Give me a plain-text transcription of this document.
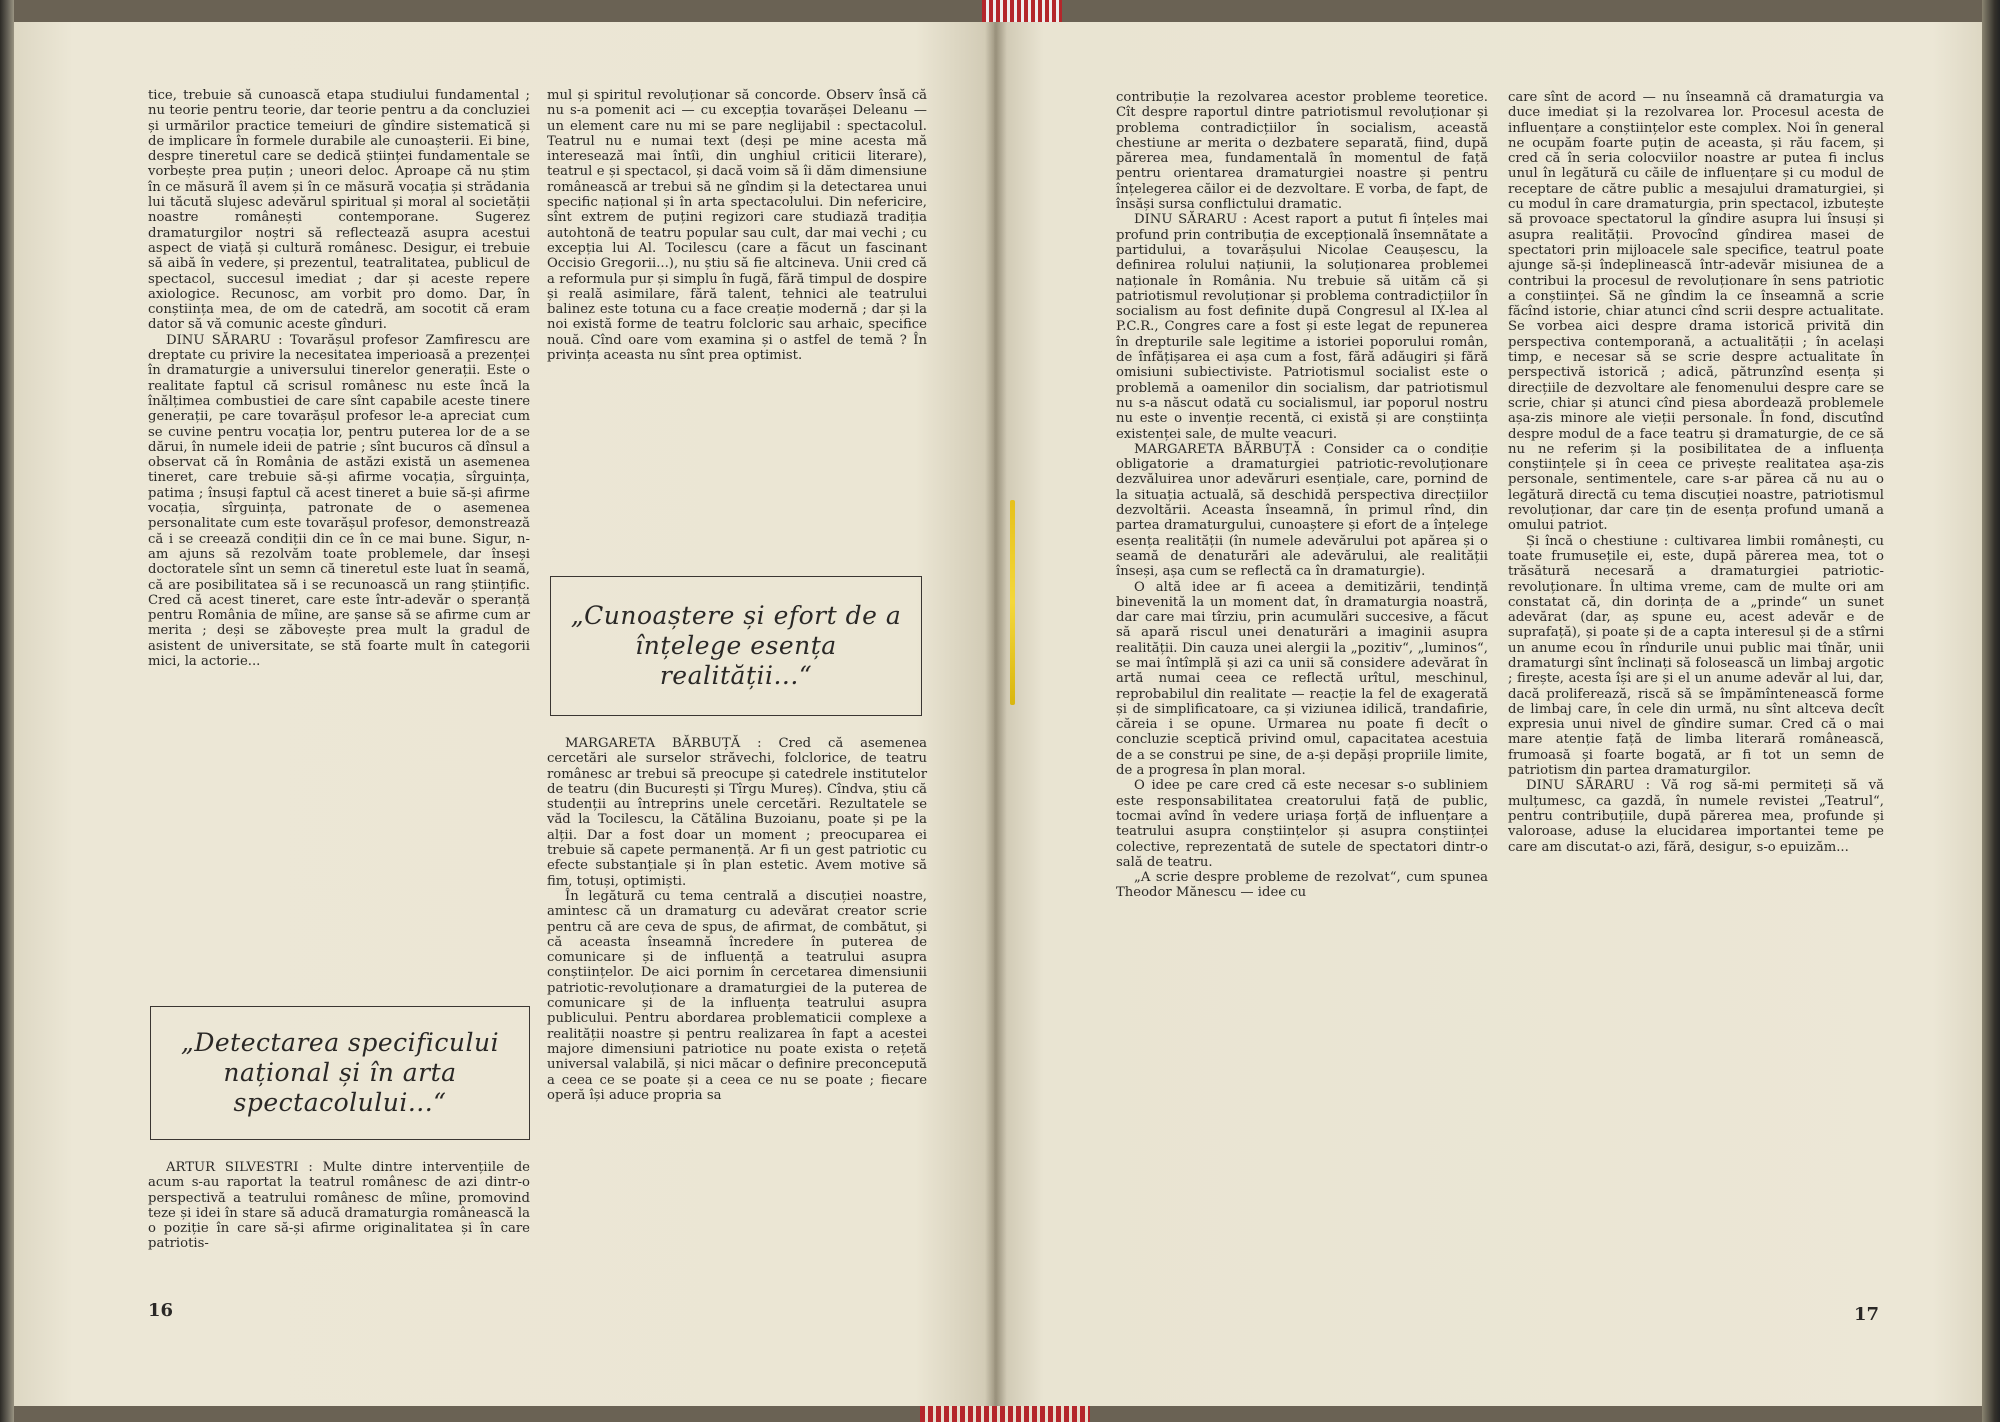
tice, trebuie să cunoască etapa studiului fundamental ; nu teorie pentru teorie, dar teorie pentru a da concluziei și urmărilor practice temeiuri de gîndire sistematică și de implicare în formele durabile ale cunoașterii. Ei bine, despre tineretul care se dedică științei fundamentale se vorbește prea puțin ; uneori deloc. Aproape că nu știm în ce măsură îl avem și în ce măsură vocația și strădania lui tăcută slujesc adevărul spiritual și moral al societății noastre românești contemporane. Sugerez dramaturgilor noștri să reflectează asupra acestui aspect de viață și cultură românesc. Desigur, ei trebuie să aibă în vedere, și prezentul, teatralitatea, publicul de spectacol, succesul imediat ; dar și aceste repere axiologice. Recunosc, am vorbit pro domo. Dar, în conștiința mea, de om de catedră, am socotit că eram dator să vă comunic aceste gînduri.

DINU SĂRARU : Tovarășul profesor Zamfirescu are dreptate cu privire la necesitatea imperioasă a prezenței în dramaturgie a universului tinerelor generații. Este o realitate faptul că scrisul românesc nu este încă la înălțimea combustiei de care sînt capabile aceste tinere generații, pe care tovarășul profesor le-a apreciat cum se cuvine pentru vocația lor, pentru puterea lor de a se dărui, în numele ideii de patrie ; sînt bucuros că dînsul a observat că în România de astăzi există un asemenea tineret, care trebuie să-și afirme vocația, sîrguința, patima ; însuși faptul că acest tineret a buie să-și afirme vocația, sîrguința, patronate de o asemenea personalitate cum este tovarășul profesor, demonstrează că i se creează condiții din ce în ce mai bune. Sigur, n-am ajuns să rezolvăm toate problemele, dar înseși doctoratele sînt un semn că tineretul este luat în seamă, că are posibilitatea să i se recunoască un rang științific. Cred că acest tineret, care este într-adevăr o speranță pentru România de mîine, are șanse să se afirme cum ar merita ; deși se zăbovește prea mult la gradul de asistent de universitate, se stă foarte mult în categorii mici, la actorie...

„Detectarea specificului național și în arta spectacolului...“

ARTUR SILVESTRI : Multe dintre intervențiile de acum s-au raportat la teatrul românesc de azi dintr-o perspectivă a teatrului românesc de mîine, promovind teze și idei în stare să aducă dramaturgia românească la o poziție în care să-și afirme originalitatea și în care patriotis-

mul și spiritul revoluționar să concorde. Observ însă că nu s-a pomenit aci — cu excepția tovarășei Deleanu — un element care nu mi se pare neglijabil : spectacolul. Teatrul nu e numai text (deși pe mine acesta mă interesează mai întîi, din unghiul criticii literare), teatrul e și spectacol, și dacă voim să îi dăm dimensiune românească ar trebui să ne gîndim și la detectarea unui specific național și în arta spectacolului. Din nefericire, sînt extrem de puțini regizori care studiază tradiția autohtonă de teatru popular sau cult, dar mai vechi ; cu excepția lui Al. Tocilescu (care a făcut un fascinant Occisio Gregorii...), nu știu să fie altcineva. Unii cred că a reformula pur și simplu în fugă, fără timpul de dospire și reală asimilare, fără talent, tehnici ale teatrului balinez este totuna cu a face creație modernă ; dar și la noi există forme de teatru folcloric sau arhaic, specifice nouă. Cînd oare vom examina și o astfel de temă ? În privința aceasta nu sînt prea optimist.

„Cunoaștere și efort de a înțelege esența realității...“

MARGARETA BĂRBUȚĂ : Cred că asemenea cercetări ale surselor străvechi, folclorice, de teatru românesc ar trebui să preocupe și catedrele institutelor de teatru (din București și Tîrgu Mureș). Cîndva, știu că studenții au întreprins unele cercetări. Rezultatele se văd la Tocilescu, la Cătălina Buzoianu, poate și pe la alții. Dar a fost doar un moment ; preocuparea ei trebuie să capete permanență. Ar fi un gest patriotic cu efecte substanțiale și în plan estetic. Avem motive să fim, totuși, optimiști.

În legătură cu tema centrală a discuției noastre, amintesc că un dramaturg cu adevărat creator scrie pentru că are ceva de spus, de afirmat, de combătut, și că aceasta înseamnă încredere în puterea de comunicare și de influență a teatrului asupra conștiințelor. De aici pornim în cercetarea dimensiunii patriotic-revoluționare a dramaturgiei de la puterea de comunicare și de la influența teatrului asupra publicului. Pentru abordarea problematicii complexe a realității noastre și pentru realizarea în fapt a acestei majore dimensiuni patriotice nu poate exista o rețetă universal valabilă, și nici măcar o definire preconcepută a ceea ce se poate și a ceea ce nu se poate ; fiecare operă își aduce propria sa

16

contribuție la rezolvarea acestor probleme teoretice. Cît despre raportul dintre patriotismul revoluționar și problema contradicțiilor în socialism, această chestiune ar merita o dezbatere separată, fiind, după părerea mea, fundamentală în momentul de față pentru orientarea dramaturgiei noastre și pentru înțelegerea căilor ei de dezvoltare. E vorba, de fapt, de însăși sursa conflictului dramatic.

DINU SĂRARU : Acest raport a putut fi înțeles mai profund prin contribuția de excepțională însemnătate a partidului, a tovarășului Nicolae Ceaușescu, la definirea rolului națiunii, la soluționarea problemei naționale în România. Nu trebuie să uităm că și patriotismul revoluționar și problema contradicțiilor în socialism au fost definite după Congresul al IX-lea al P.C.R., Congres care a fost și este legat de repunerea în drepturile sale legitime a istoriei poporului român, de înfățișarea ei așa cum a fost, fără adăugiri și fără omisiuni subiectiviste. Patriotismul socialist este o problemă a oamenilor din socialism, dar patriotismul nu s-a născut odată cu socialismul, iar poporul nostru nu este o invenție recentă, ci există și are conștiința existenței sale, de multe veacuri.

MARGARETA BĂRBUȚĂ : Consider ca o condiție obligatorie a dramaturgiei patriotic-revoluționare dezvăluirea unor adevăruri esențiale, care, pornind de la situația actuală, să deschidă perspectiva direcțiilor dezvoltării. Aceasta înseamnă, în primul rînd, din partea dramaturgului, cunoaștere și efort de a înțelege esența realității (în numele adevărului pot apărea și o seamă de denaturări ale adevărului, ale realității înseși, așa cum se reflectă ca în dramaturgie).

O altă idee ar fi aceea a demitizării, tendință binevenită la un moment dat, în dramaturgia noastră, dar care mai tîrziu, prin acumulări succesive, a făcut să apară riscul unei denaturări a imaginii asupra realității. Din cauza unei alergii la „pozitiv“, „luminos“, se mai întîmplă și azi ca unii să considere adevărat în artă numai ceea ce reflectă urîtul, meschinul, reprobabilul din realitate — reacție la fel de exagerată și de simplificatoare, ca și viziunea idilică, trandafirie, căreia i se opune. Urmarea nu poate fi decît o concluzie sceptică privind omul, capacitatea acestuia de a se construi pe sine, de a-și depăși propriile limite, de a progresa în plan moral.

O idee pe care cred că este necesar s-o subliniem este responsabilitatea creatorului față de public, tocmai avînd în vedere uriașa forță de influențare a teatrului asupra conștiințelor și asupra conștiinței colective, reprezentată de sutele de spectatori dintr-o sală de teatru.

„A scrie despre probleme de rezolvat“, cum spunea Theodor Mănescu — idee cu

care sînt de acord — nu înseamnă că dramaturgia va duce imediat și la rezolvarea lor. Procesul acesta de influențare a conștiințelor este complex. Noi în general ne ocupăm foarte puțin de aceasta, și rău facem, și cred că în seria colocviilor noastre ar putea fi inclus unul în legătură cu căile de influențare și cu modul de receptare de către public a mesajului dramaturgiei, și cu modul în care dramaturgia, prin spectacol, izbutește să provoace spectatorul la gîndire asupra lui însuși și asupra realității. Provocînd gîndirea masei de spectatori prin mijloacele sale specifice, teatrul poate ajunge să-și îndeplinească într-adevăr misiunea de a contribui la procesul de revoluționare în sens patriotic a conștiinței. Să ne gîndim la ce înseamnă a scrie făcînd istorie, chiar atunci cînd scrii despre actualitate. Se vorbea aici despre drama istorică privită din perspectiva contemporană, a actualității ; în același timp, e necesar să se scrie despre actualitate în perspectivă istorică ; adică, pătrunzînd esența și direcțiile de dezvoltare ale fenomenului despre care se scrie, chiar și atunci cînd piesa abordează problemele așa-zis minore ale vieții personale. În fond, discutînd despre modul de a face teatru și dramaturgie, de ce să nu ne referim și la posibilitatea de a influența conștiințele și în ceea ce privește realitatea așa-zis personale, sentimentele, care s-ar părea că nu au o legătură directă cu tema discuției noastre, patriotismul revoluționar, dar care țin de esența profund umană a omului patriot.

Și încă o chestiune : cultivarea limbii românești, cu toate frumusețile ei, este, după părerea mea, tot o trăsătură necesară a dramaturgiei patriotic-revoluționare. În ultima vreme, cam de multe ori am constatat că, din dorința de a „prinde“ un sunet adevărat (dar, aș spune eu, acest adevăr e de suprafață), și poate și de a capta interesul și de a stîrni un anume ecou în rîndurile unui public mai tînăr, unii dramaturgi sînt înclinați să folosească un limbaj argotic ; firește, acesta își are și el un anume adevăr al lui, dar, dacă proliferează, riscă să se împămîntenească forme de limbaj care, în cele din urmă, nu sînt altceva decît expresia unui nivel de gîndire sumar. Cred că o mai mare atenție față de limba literară românească, frumoasă și foarte bogată, ar fi tot un semn de patriotism din partea dramaturgilor.

DINU SĂRARU : Vă rog să-mi permiteți să vă mulțumesc, ca gazdă, în numele revistei „Teatrul“, pentru contribuțiile, după părerea mea, profunde și valoroase, aduse la elucidarea importantei teme pe care am discutat-o azi, fără, desigur, s-o epuizăm...

17
